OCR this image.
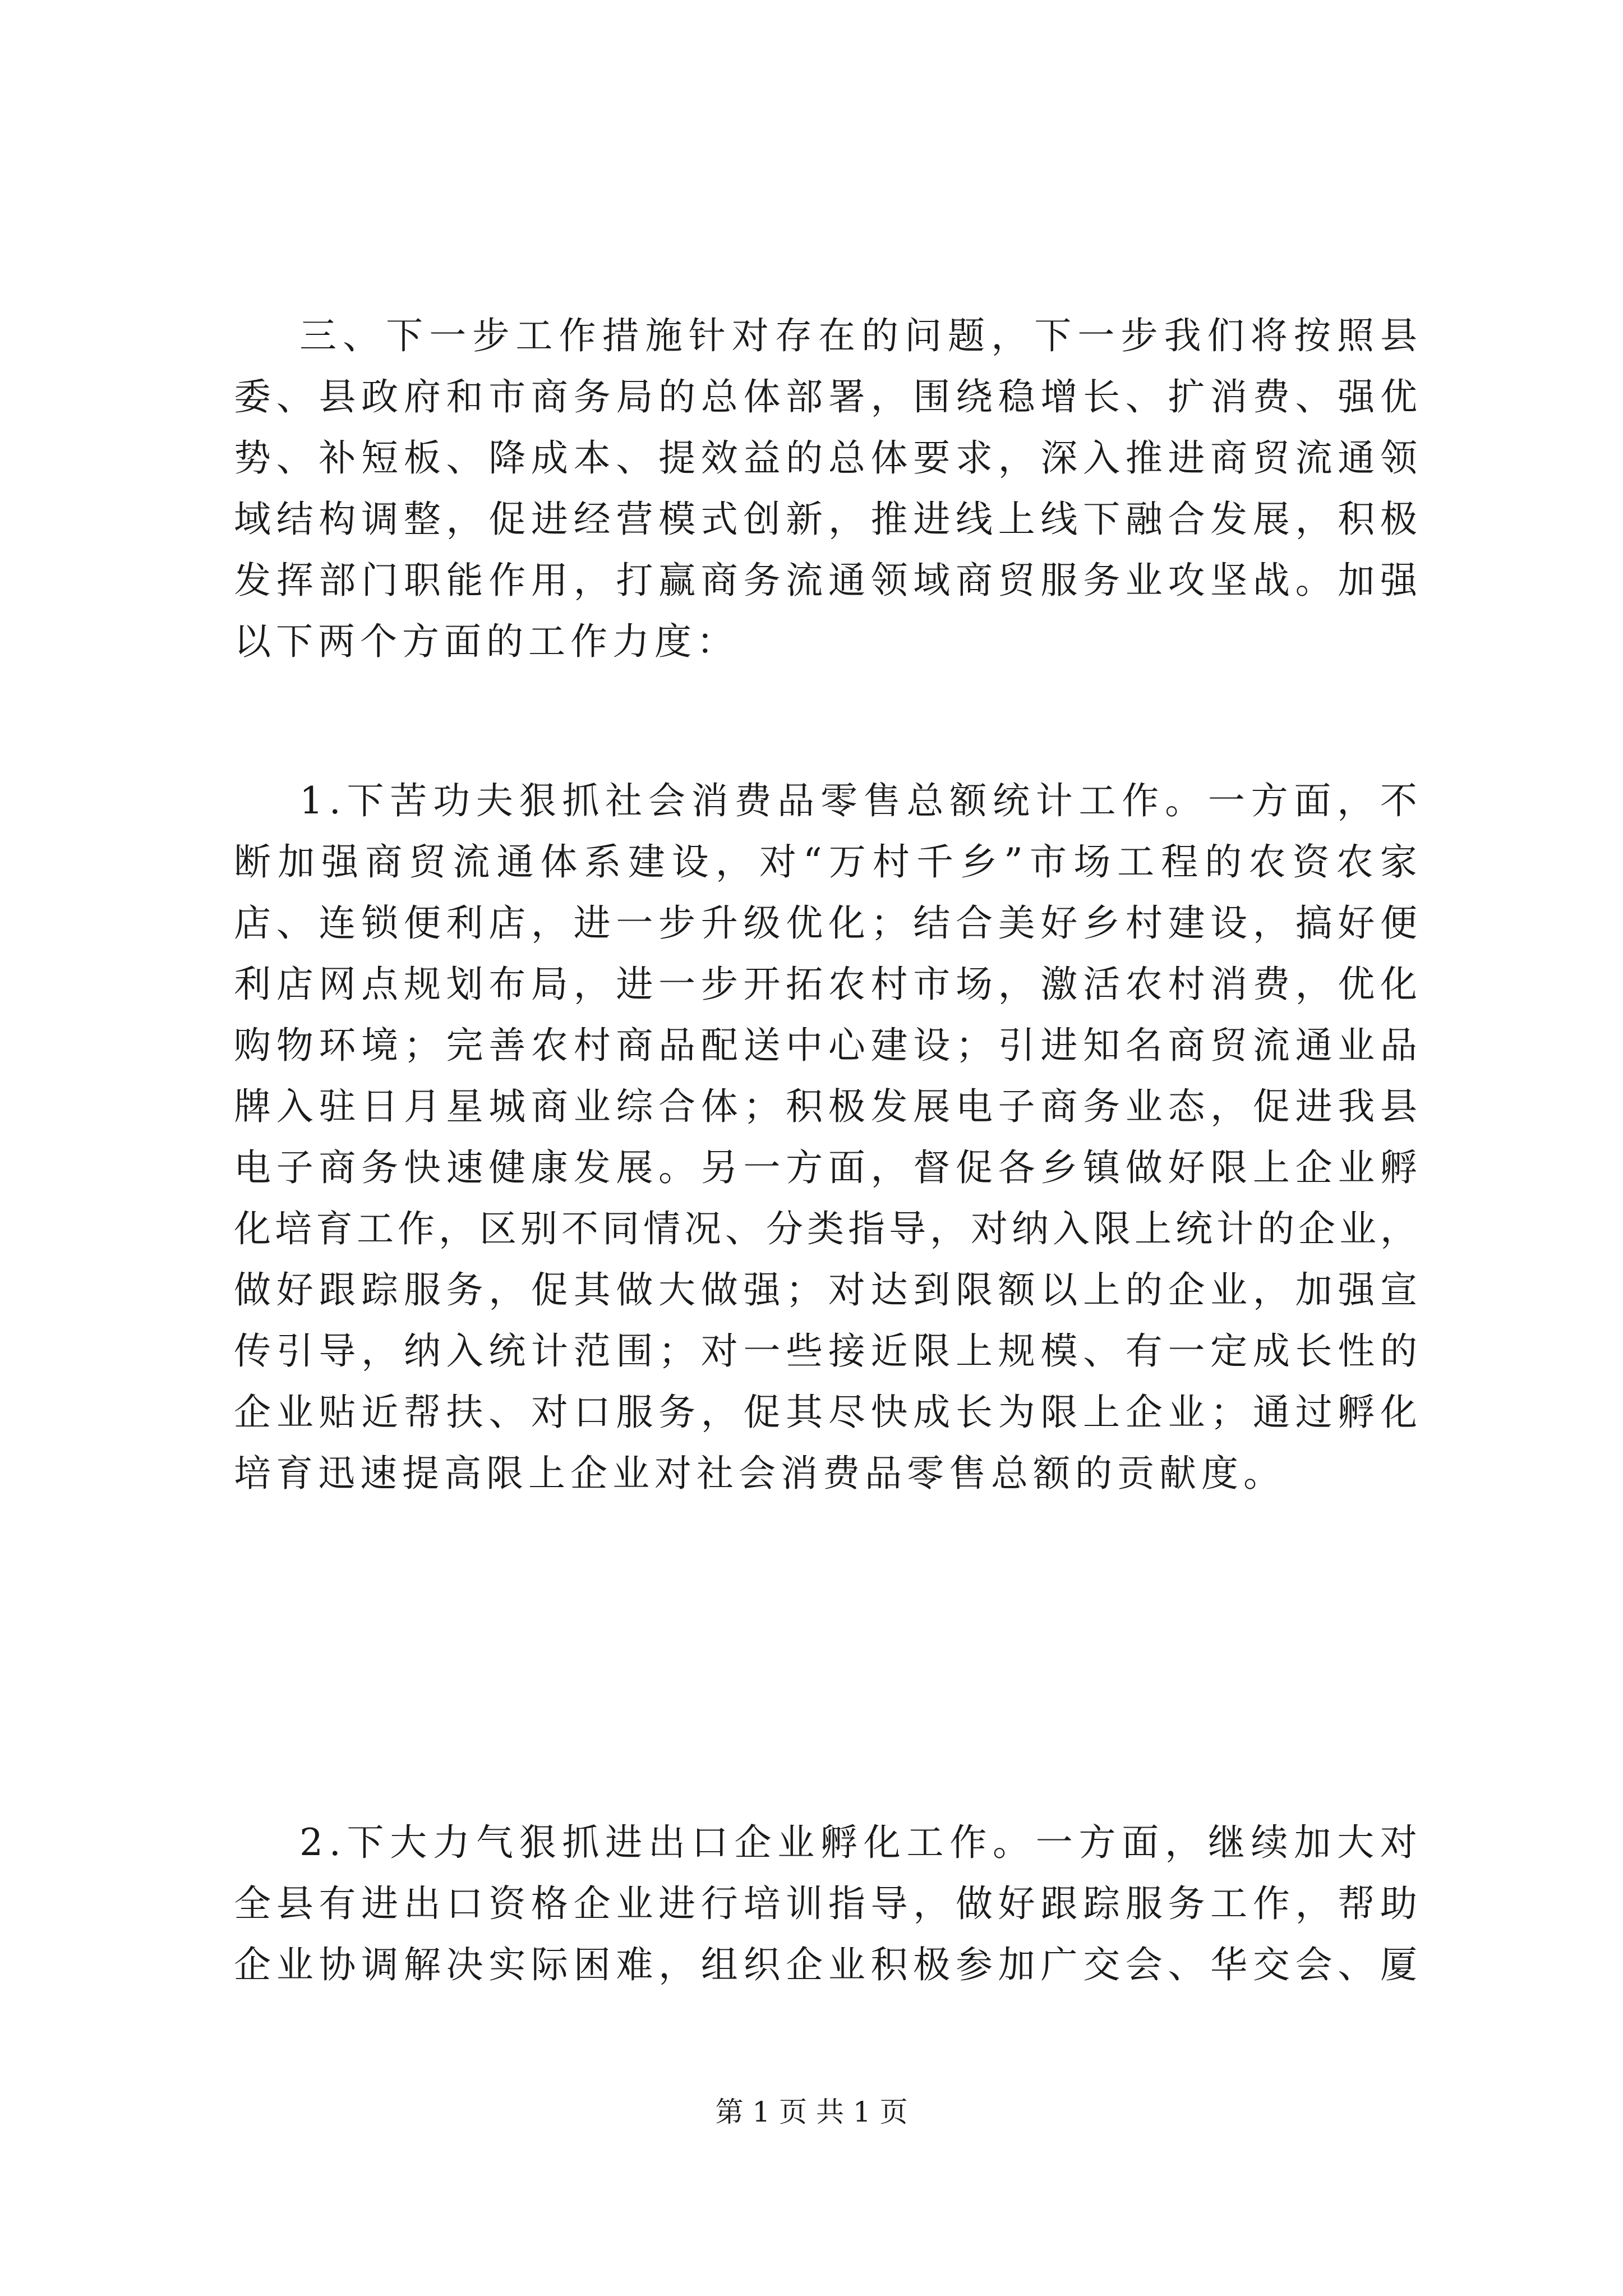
三 、 下 一 步 工 作 措 施 针 对 存 在 的 问 题 ， 下 一 步 我 们 将 按 照 县
委 、 县 政 府 和 市 商 务 局 的 总 体 部 署 ， 围 绕 稳 增 长 、 扩 消 费 、 强 优
势 、 补 短 板 、 降 成 本 、 提 效 益 的 总 体 要 求 ， 深 入 推 进 商 贸 流 通 领
域 结 构 调 整 ， 促 进 经 营 模 式 创 新 ， 推 进 线 上 线 下 融 合 发 展 ， 积 极
发 挥 部 门 职 能 作 用 ， 打 赢 商 务 流 通 领 域 商 贸 服 务 业 攻 坚 战 。 加 强
以下两个方面的工作力度：
1 . 下 苦 功 夫 狠 抓 社 会 消 费 品 零 售 总 额 统 计 工 作 。 一 方 面 ， 不
断 加 强 商 贸 流 通 体 系 建 设 ， 对 “ 万 村 千 乡 ” 市 场 工 程 的 农 资 农 家
店 、 连 锁 便 利 店 ， 进 一 步 升 级 优 化 ； 结 合 美 好 乡 村 建 设 ， 搞 好 便
利 店 网 点 规 划 布 局 ， 进 一 步 开 拓 农 村 市 场 ， 激 活 农 村 消 费 ， 优 化
购 物 环 境 ； 完 善 农 村 商 品 配 送 中 心 建 设 ； 引 进 知 名 商 贸 流 通 业 品
牌 入 驻 日 月 星 城 商 业 综 合 体 ； 积 极 发 展 电 子 商 务 业 态 ， 促 进 我 县
电 子 商 务 快 速 健 康 发 展 。 另 一 方 面 ， 督 促 各 乡 镇 做 好 限 上 企 业 孵
化 培 育 工 作 ， 区 别 不 同 情 况 、 分 类 指 导 ， 对 纳 入 限 上 统 计 的 企 业 ，
做 好 跟 踪 服 务 ， 促 其 做 大 做 强 ； 对 达 到 限 额 以 上 的 企 业 ， 加 强 宣
传 引 导 ， 纳 入 统 计 范 围 ； 对 一 些 接 近 限 上 规 模 、 有 一 定 成 长 性 的
企 业 贴 近 帮 扶 、 对 口 服 务 ， 促 其 尽 快 成 长 为 限 上 企 业 ； 通 过 孵 化
培育迅速提高限上企业对社会消费品零售总额的贡献度。
2 . 下 大 力 气 狠 抓 进 出 口 企 业 孵 化 工 作 。 一 方 面 ， 继 续 加 大 对
全 县 有 进 出 口 资 格 企 业 进 行 培 训 指 导 ， 做 好 跟 踪 服 务 工 作 ， 帮 助
企 业 协 调 解 决 实 际 困 难 ， 组 织 企 业 积 极 参 加 广 交 会 、 华 交 会 、 厦
第 1 页 共 1 页
